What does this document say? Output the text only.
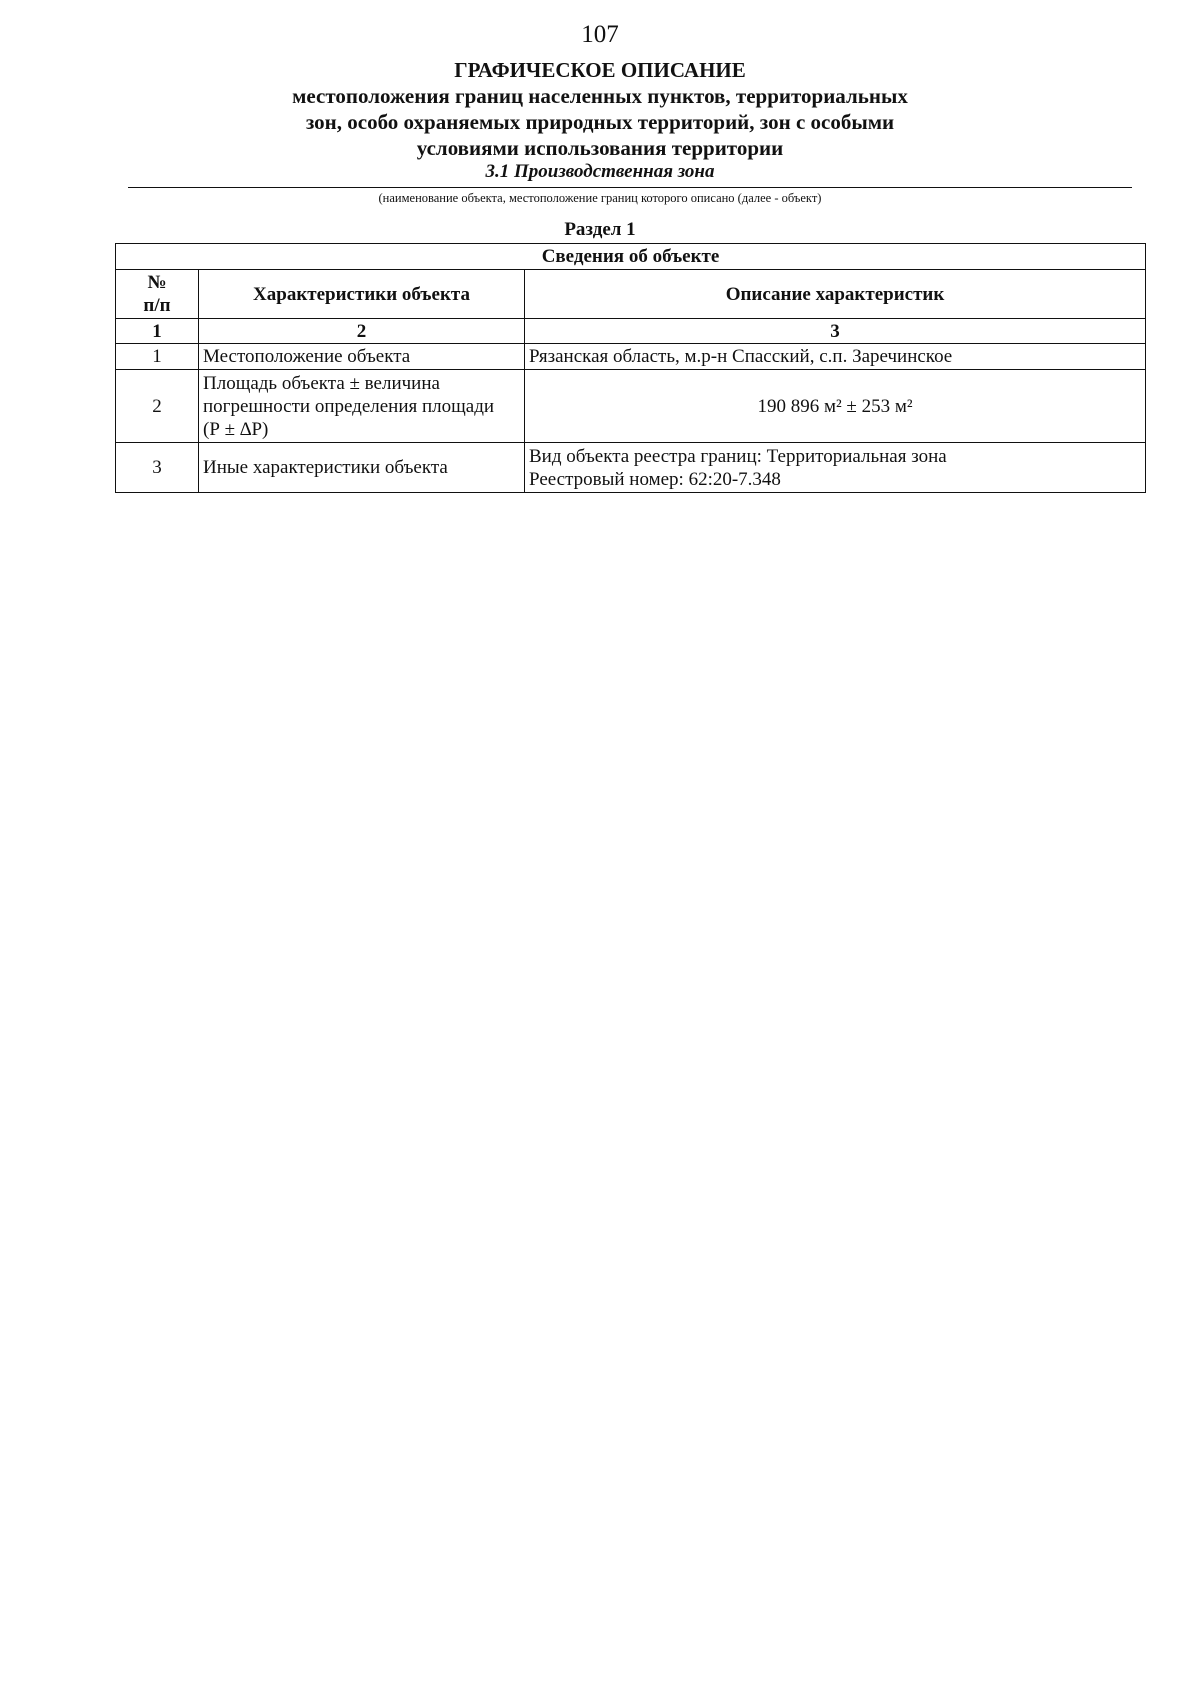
107
ГРАФИЧЕСКОЕ ОПИСАНИЕ
местоположения границ населенных пунктов, территориальных
зон, особо охраняемых природных территорий, зон с особыми
условиями использования территории
3.1 Производственная зона
(наименование объекта, местоположение границ которого описано (далее - объект)
Раздел 1
Сведения об объекте		

№
п/п	Характеристики объекта	Описание характеристик
1	2	3
1	Местоположение объекта	Рязанская область, м.р-н Спасский, с.п. Заречинское
2	Площадь объекта ± величина
погрешности определения площади
(Р ± ∆Р)	190 896 м² ± 253 м²
3	Иные характеристики объекта	Вид объекта реестра границ: Территориальная зона
Реестровый номер: 62:20-7.348
